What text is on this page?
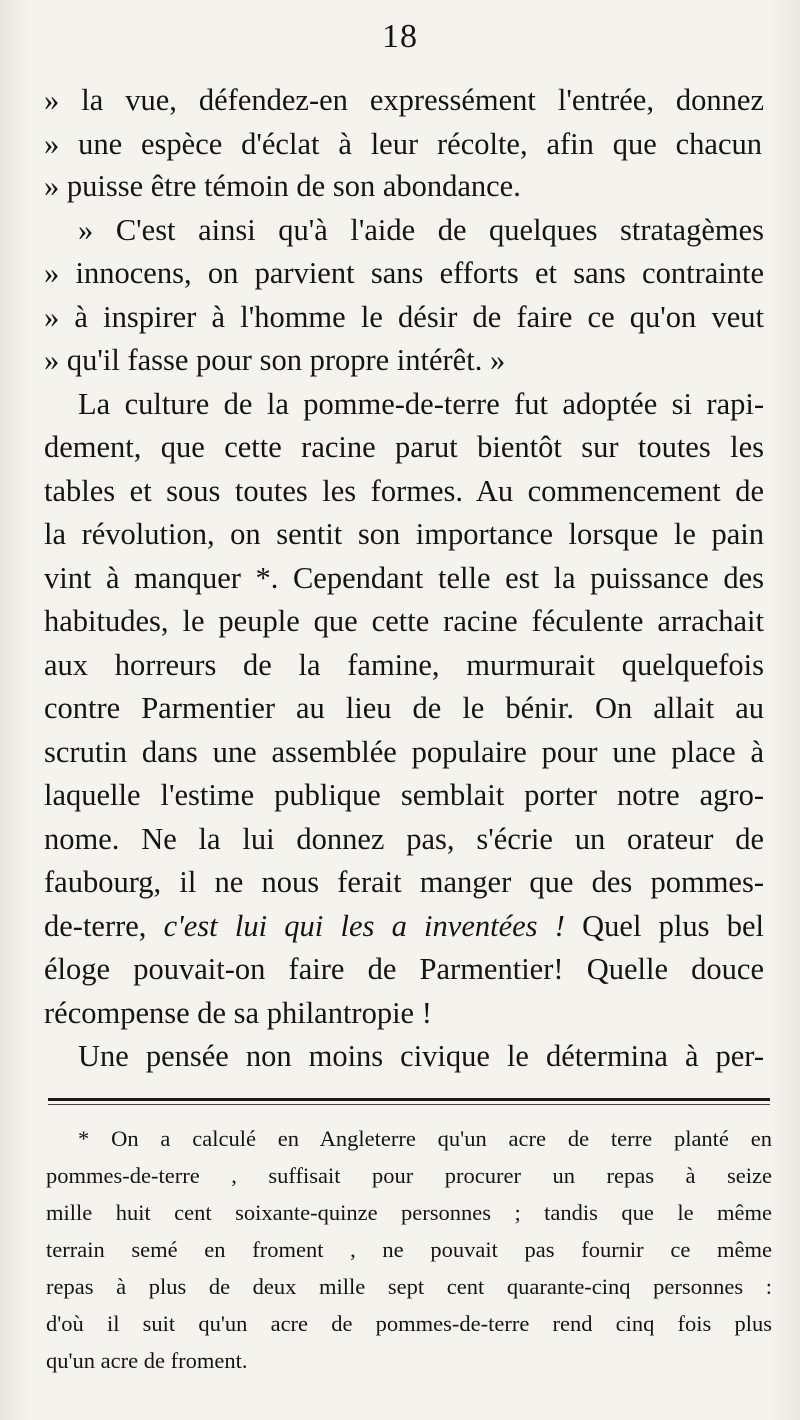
18
» la vue, défendez-en expressément l'entrée, donnez
» une espèce d'éclat à leur récolte, afin que chacun
» puisse être témoin de son abondance.
» C'est ainsi qu'à l'aide de quelques stratagèmes
» innocens, on parvient sans efforts et sans contrainte
» à inspirer à l'homme le désir de faire ce qu'on veut
» qu'il fasse pour son propre intérêt. »
La culture de la pomme-de-terre fut adoptée si rapi-
dement, que cette racine parut bientôt sur toutes les
tables et sous toutes les formes. Au commencement de
la révolution, on sentit son importance lorsque le pain
vint à manquer *. Cependant telle est la puissance des
habitudes, le peuple que cette racine féculente arrachait
aux horreurs de la famine, murmurait quelquefois
contre Parmentier au lieu de le bénir. On allait au
scrutin dans une assemblée populaire pour une place à
laquelle l'estime publique semblait porter notre agro-
nome. Ne la lui donnez pas, s'écrie un orateur de
faubourg, il ne nous ferait manger que des pommes-
de-terre, c'est lui qui les a inventées ! Quel plus bel
éloge pouvait-on faire de Parmentier! Quelle douce
récompense de sa philantropie !
Une pensée non moins civique le détermina à per-
* On a calculé en Angleterre qu'un acre de terre planté en
pommes-de-terre , suffisait pour procurer un repas à seize
mille huit cent soixante-quinze personnes ; tandis que le même
terrain semé en froment , ne pouvait pas fournir ce même
repas à plus de deux mille sept cent quarante-cinq personnes :
d'où il suit qu'un acre de pommes-de-terre rend cinq fois plus
qu'un acre de froment.
